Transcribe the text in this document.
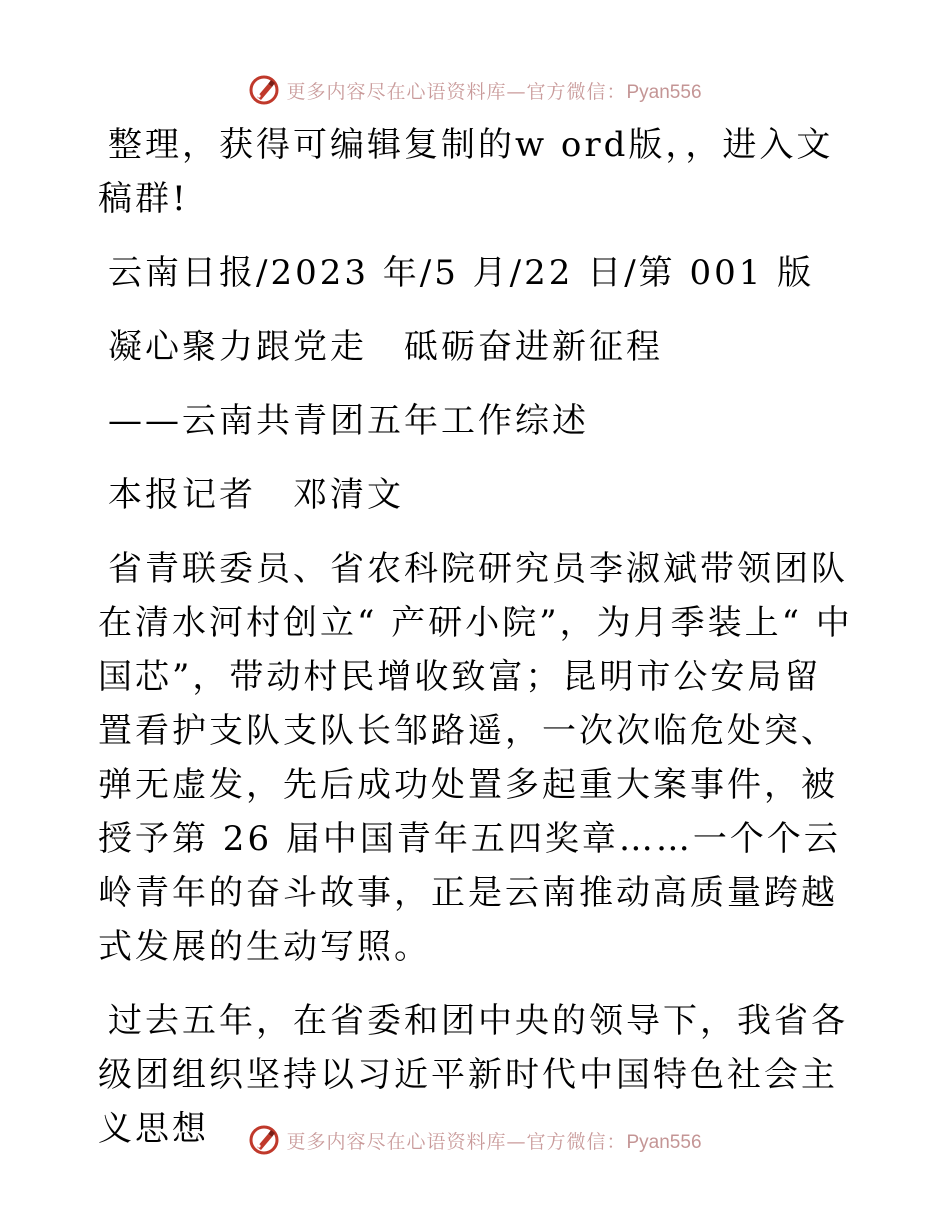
更多内容尽在心语资料库—官方微信：Pyan556

整理，获得可编辑复制的w ord版，，进入文稿群!

云南日报/2023 年/5 月/22 日/第 001 版

凝心聚力跟党走　砥砺奋进新征程

——云南共青团五年工作综述

本报记者　邓清文

省青联委员、省农科院研究员李淑斌带领团队在清水河村创立“ 产研小院”，为月季装上“ 中国芯”，带动村民增收致富；昆明市公安局留置看护支队支队长邹路遥，一次次临危处突、弹无虚发，先后成功处置多起重大案事件，被授予第 26 届中国青年五四奖章……一个个云岭青年的奋斗故事，正是云南推动高质量跨越式发展的生动写照。

过去五年，在省委和团中央的领导下，我省各级团组织坚持以习近平新时代中国特色社会主义思想	更多内容尽在心语资料库—官方微信：Pyan556
